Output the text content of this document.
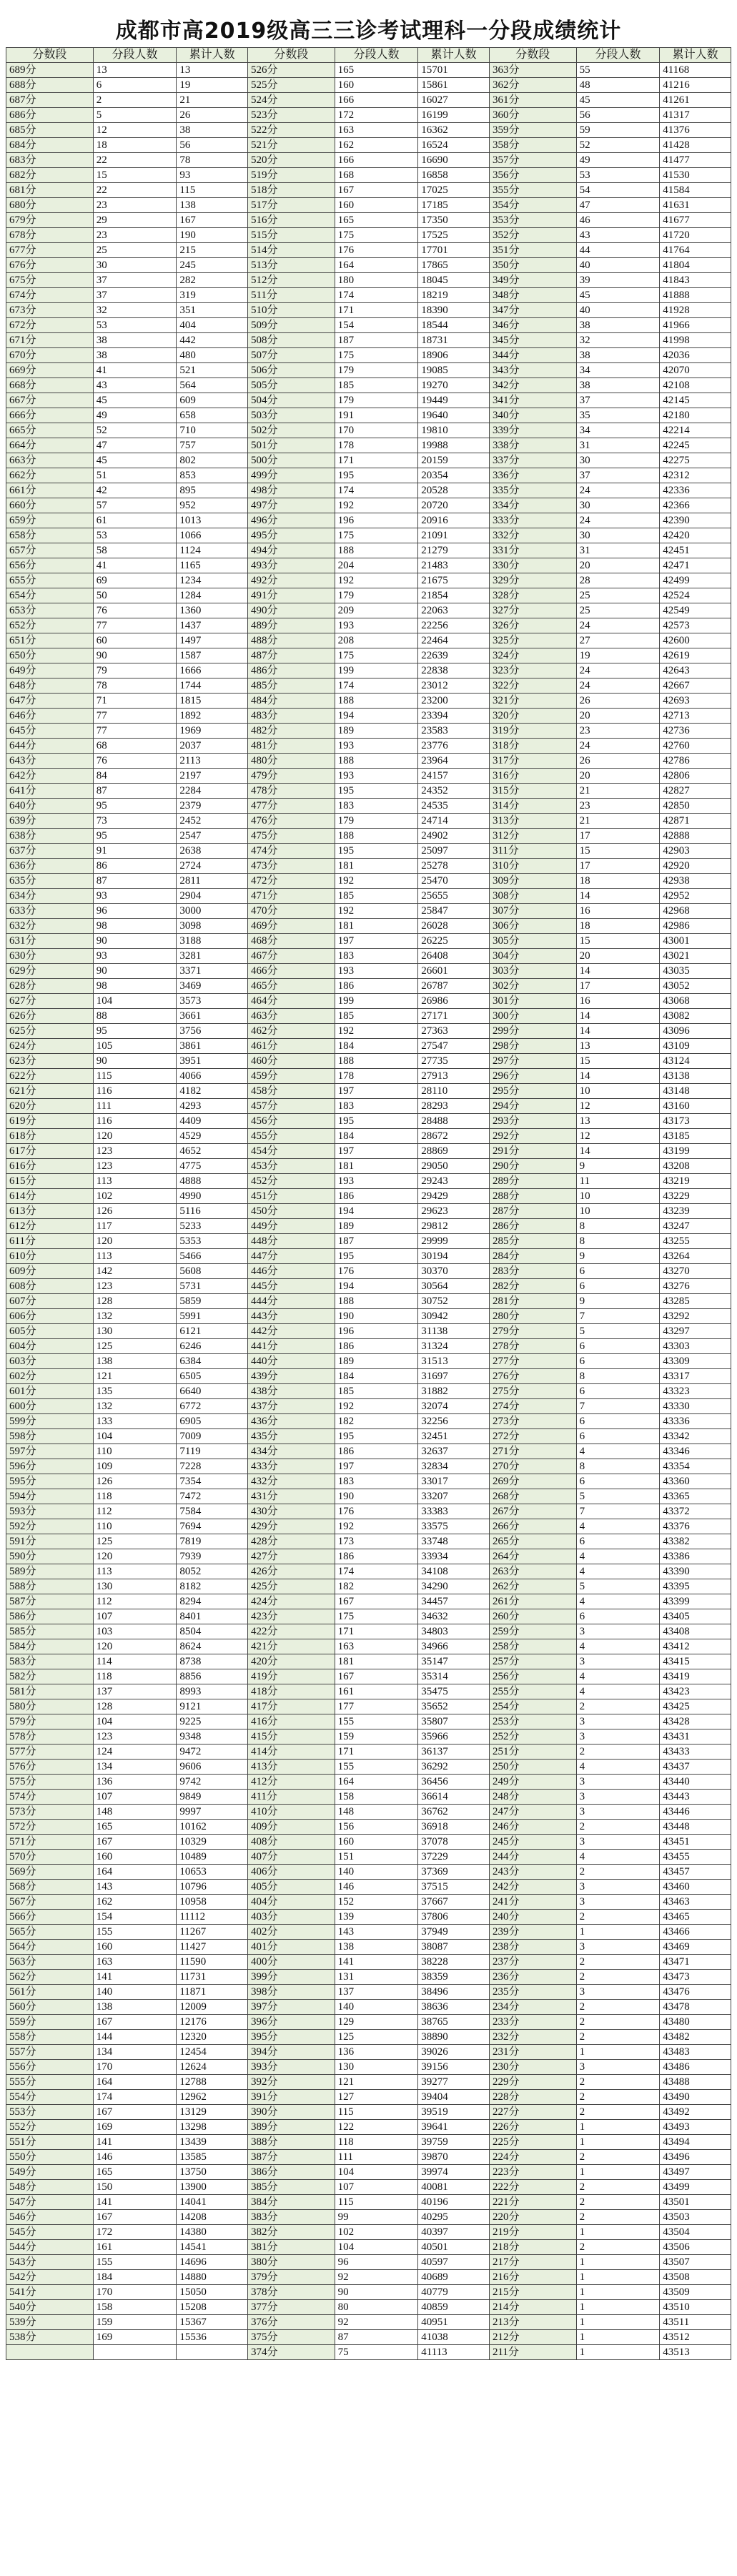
成都市高2019级高三三诊考试理科一分段成绩统计
分数段	分段人数	累计人数	分数段	分段人数	累计人数	分数段	分段人数	累计人数
689分	13	13	526分	165	15701	363分	55	41168
688分	6	19	525分	160	15861	362分	48	41216
687分	2	21	524分	166	16027	361分	45	41261
686分	5	26	523分	172	16199	360分	56	41317
685分	12	38	522分	163	16362	359分	59	41376
684分	18	56	521分	162	16524	358分	52	41428
683分	22	78	520分	166	16690	357分	49	41477
682分	15	93	519分	168	16858	356分	53	41530
681分	22	115	518分	167	17025	355分	54	41584
680分	23	138	517分	160	17185	354分	47	41631
679分	29	167	516分	165	17350	353分	46	41677
678分	23	190	515分	175	17525	352分	43	41720
677分	25	215	514分	176	17701	351分	44	41764
676分	30	245	513分	164	17865	350分	40	41804
675分	37	282	512分	180	18045	349分	39	41843
674分	37	319	511分	174	18219	348分	45	41888
673分	32	351	510分	171	18390	347分	40	41928
672分	53	404	509分	154	18544	346分	38	41966
671分	38	442	508分	187	18731	345分	32	41998
670分	38	480	507分	175	18906	344分	38	42036
669分	41	521	506分	179	19085	343分	34	42070
668分	43	564	505分	185	19270	342分	38	42108
667分	45	609	504分	179	19449	341分	37	42145
666分	49	658	503分	191	19640	340分	35	42180
665分	52	710	502分	170	19810	339分	34	42214
664分	47	757	501分	178	19988	338分	31	42245
663分	45	802	500分	171	20159	337分	30	42275
662分	51	853	499分	195	20354	336分	37	42312
661分	42	895	498分	174	20528	335分	24	42336
660分	57	952	497分	192	20720	334分	30	42366
659分	61	1013	496分	196	20916	333分	24	42390
658分	53	1066	495分	175	21091	332分	30	42420
657分	58	1124	494分	188	21279	331分	31	42451
656分	41	1165	493分	204	21483	330分	20	42471
655分	69	1234	492分	192	21675	329分	28	42499
654分	50	1284	491分	179	21854	328分	25	42524
653分	76	1360	490分	209	22063	327分	25	42549
652分	77	1437	489分	193	22256	326分	24	42573
651分	60	1497	488分	208	22464	325分	27	42600
650分	90	1587	487分	175	22639	324分	19	42619
649分	79	1666	486分	199	22838	323分	24	42643
648分	78	1744	485分	174	23012	322分	24	42667
647分	71	1815	484分	188	23200	321分	26	42693
646分	77	1892	483分	194	23394	320分	20	42713
645分	77	1969	482分	189	23583	319分	23	42736
644分	68	2037	481分	193	23776	318分	24	42760
643分	76	2113	480分	188	23964	317分	26	42786
642分	84	2197	479分	193	24157	316分	20	42806
641分	87	2284	478分	195	24352	315分	21	42827
640分	95	2379	477分	183	24535	314分	23	42850
639分	73	2452	476分	179	24714	313分	21	42871
638分	95	2547	475分	188	24902	312分	17	42888
637分	91	2638	474分	195	25097	311分	15	42903
636分	86	2724	473分	181	25278	310分	17	42920
635分	87	2811	472分	192	25470	309分	18	42938
634分	93	2904	471分	185	25655	308分	14	42952
633分	96	3000	470分	192	25847	307分	16	42968
632分	98	3098	469分	181	26028	306分	18	42986
631分	90	3188	468分	197	26225	305分	15	43001
630分	93	3281	467分	183	26408	304分	20	43021
629分	90	3371	466分	193	26601	303分	14	43035
628分	98	3469	465分	186	26787	302分	17	43052
627分	104	3573	464分	199	26986	301分	16	43068
626分	88	3661	463分	185	27171	300分	14	43082
625分	95	3756	462分	192	27363	299分	14	43096
624分	105	3861	461分	184	27547	298分	13	43109
623分	90	3951	460分	188	27735	297分	15	43124
622分	115	4066	459分	178	27913	296分	14	43138
621分	116	4182	458分	197	28110	295分	10	43148
620分	111	4293	457分	183	28293	294分	12	43160
619分	116	4409	456分	195	28488	293分	13	43173
618分	120	4529	455分	184	28672	292分	12	43185
617分	123	4652	454分	197	28869	291分	14	43199
616分	123	4775	453分	181	29050	290分	9	43208
615分	113	4888	452分	193	29243	289分	11	43219
614分	102	4990	451分	186	29429	288分	10	43229
613分	126	5116	450分	194	29623	287分	10	43239
612分	117	5233	449分	189	29812	286分	8	43247
611分	120	5353	448分	187	29999	285分	8	43255
610分	113	5466	447分	195	30194	284分	9	43264
609分	142	5608	446分	176	30370	283分	6	43270
608分	123	5731	445分	194	30564	282分	6	43276
607分	128	5859	444分	188	30752	281分	9	43285
606分	132	5991	443分	190	30942	280分	7	43292
605分	130	6121	442分	196	31138	279分	5	43297
604分	125	6246	441分	186	31324	278分	6	43303
603分	138	6384	440分	189	31513	277分	6	43309
602分	121	6505	439分	184	31697	276分	8	43317
601分	135	6640	438分	185	31882	275分	6	43323
600分	132	6772	437分	192	32074	274分	7	43330
599分	133	6905	436分	182	32256	273分	6	43336
598分	104	7009	435分	195	32451	272分	6	43342
597分	110	7119	434分	186	32637	271分	4	43346
596分	109	7228	433分	197	32834	270分	8	43354
595分	126	7354	432分	183	33017	269分	6	43360
594分	118	7472	431分	190	33207	268分	5	43365
593分	112	7584	430分	176	33383	267分	7	43372
592分	110	7694	429分	192	33575	266分	4	43376
591分	125	7819	428分	173	33748	265分	6	43382
590分	120	7939	427分	186	33934	264分	4	43386
589分	113	8052	426分	174	34108	263分	4	43390
588分	130	8182	425分	182	34290	262分	5	43395
587分	112	8294	424分	167	34457	261分	4	43399
586分	107	8401	423分	175	34632	260分	6	43405
585分	103	8504	422分	171	34803	259分	3	43408
584分	120	8624	421分	163	34966	258分	4	43412
583分	114	8738	420分	181	35147	257分	3	43415
582分	118	8856	419分	167	35314	256分	4	43419
581分	137	8993	418分	161	35475	255分	4	43423
580分	128	9121	417分	177	35652	254分	2	43425
579分	104	9225	416分	155	35807	253分	3	43428
578分	123	9348	415分	159	35966	252分	3	43431
577分	124	9472	414分	171	36137	251分	2	43433
576分	134	9606	413分	155	36292	250分	4	43437
575分	136	9742	412分	164	36456	249分	3	43440
574分	107	9849	411分	158	36614	248分	3	43443
573分	148	9997	410分	148	36762	247分	3	43446
572分	165	10162	409分	156	36918	246分	2	43448
571分	167	10329	408分	160	37078	245分	3	43451
570分	160	10489	407分	151	37229	244分	4	43455
569分	164	10653	406分	140	37369	243分	2	43457
568分	143	10796	405分	146	37515	242分	3	43460
567分	162	10958	404分	152	37667	241分	3	43463
566分	154	11112	403分	139	37806	240分	2	43465
565分	155	11267	402分	143	37949	239分	1	43466
564分	160	11427	401分	138	38087	238分	3	43469
563分	163	11590	400分	141	38228	237分	2	43471
562分	141	11731	399分	131	38359	236分	2	43473
561分	140	11871	398分	137	38496	235分	3	43476
560分	138	12009	397分	140	38636	234分	2	43478
559分	167	12176	396分	129	38765	233分	2	43480
558分	144	12320	395分	125	38890	232分	2	43482
557分	134	12454	394分	136	39026	231分	1	43483
556分	170	12624	393分	130	39156	230分	3	43486
555分	164	12788	392分	121	39277	229分	2	43488
554分	174	12962	391分	127	39404	228分	2	43490
553分	167	13129	390分	115	39519	227分	2	43492
552分	169	13298	389分	122	39641	226分	1	43493
551分	141	13439	388分	118	39759	225分	1	43494
550分	146	13585	387分	111	39870	224分	2	43496
549分	165	13750	386分	104	39974	223分	1	43497
548分	150	13900	385分	107	40081	222分	2	43499
547分	141	14041	384分	115	40196	221分	2	43501
546分	167	14208	383分	99	40295	220分	2	43503
545分	172	14380	382分	102	40397	219分	1	43504
544分	161	14541	381分	104	40501	218分	2	43506
543分	155	14696	380分	96	40597	217分	1	43507
542分	184	14880	379分	92	40689	216分	1	43508
541分	170	15050	378分	90	40779	215分	1	43509
540分	158	15208	377分	80	40859	214分	1	43510
539分	159	15367	376分	92	40951	213分	1	43511
538分	169	15536	375分	87	41038	212分	1	43512
			374分	75	41113	211分	1	43513
